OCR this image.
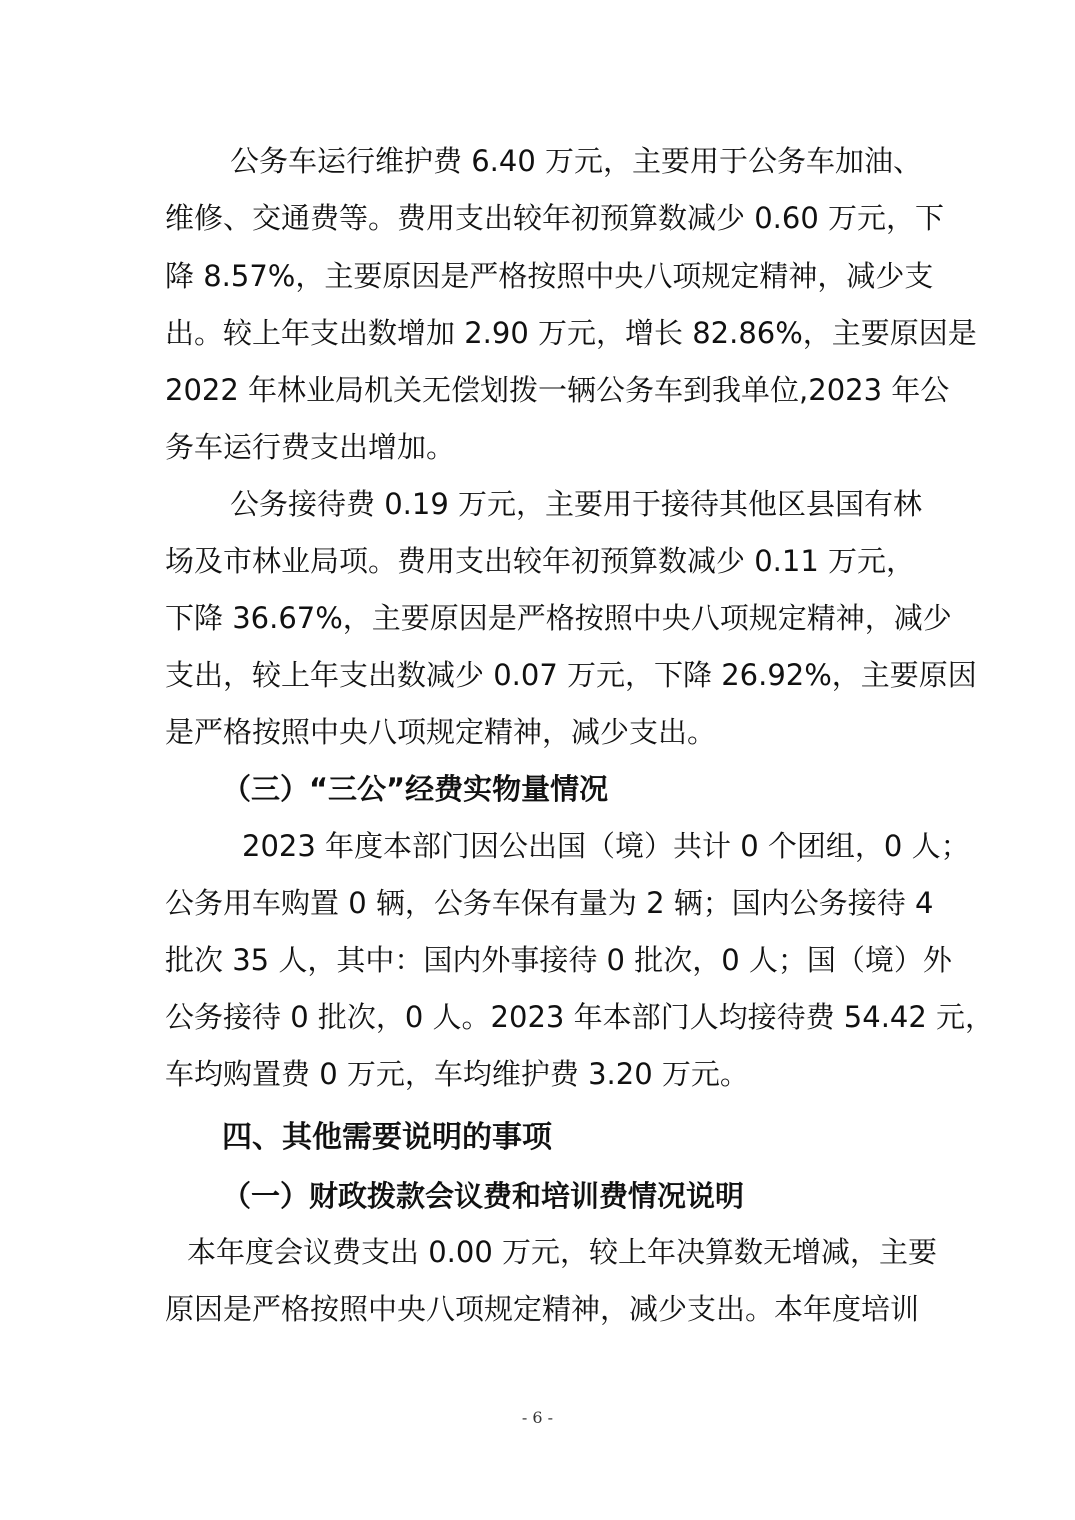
公务车运行维护费 6.40 万元，主要用于公务车加油、
维修、交通费等。费用支出较年初预算数减少 0.60 万元，下
降 8.57%，主要原因是严格按照中央八项规定精神，减少支
出。较上年支出数增加 2.90 万元，增长 82.86%，主要原因是
2022 年林业局机关无偿划拨一辆公务车到我单位,2023 年公
务车运行费支出增加。
公务接待费 0.19 万元，主要用于接待其他区县国有林
场及市林业局项。费用支出较年初预算数减少 0.11 万元，
下降 36.67%，主要原因是严格按照中央八项规定精神，减少
支出，较上年支出数减少 0.07 万元，下降 26.92%，主要原因
是严格按照中央八项规定精神，减少支出。
（三）“三公”经费实物量情况
2023 年度本部门因公出国（境）共计 0 个团组，0 人；
公务用车购置 0 辆，公务车保有量为 2 辆；国内公务接待 4
批次 35 人，其中：国内外事接待 0 批次，0 人；国（境）外
公务接待 0 批次，0 人。2023 年本部门人均接待费 54.42 元，
车均购置费 0 万元，车均维护费 3.20 万元。
四、其他需要说明的事项
（一）财政拨款会议费和培训费情况说明
本年度会议费支出 0.00 万元，较上年决算数无增减，主要
原因是严格按照中央八项规定精神，减少支出。本年度培训
- 6 -
